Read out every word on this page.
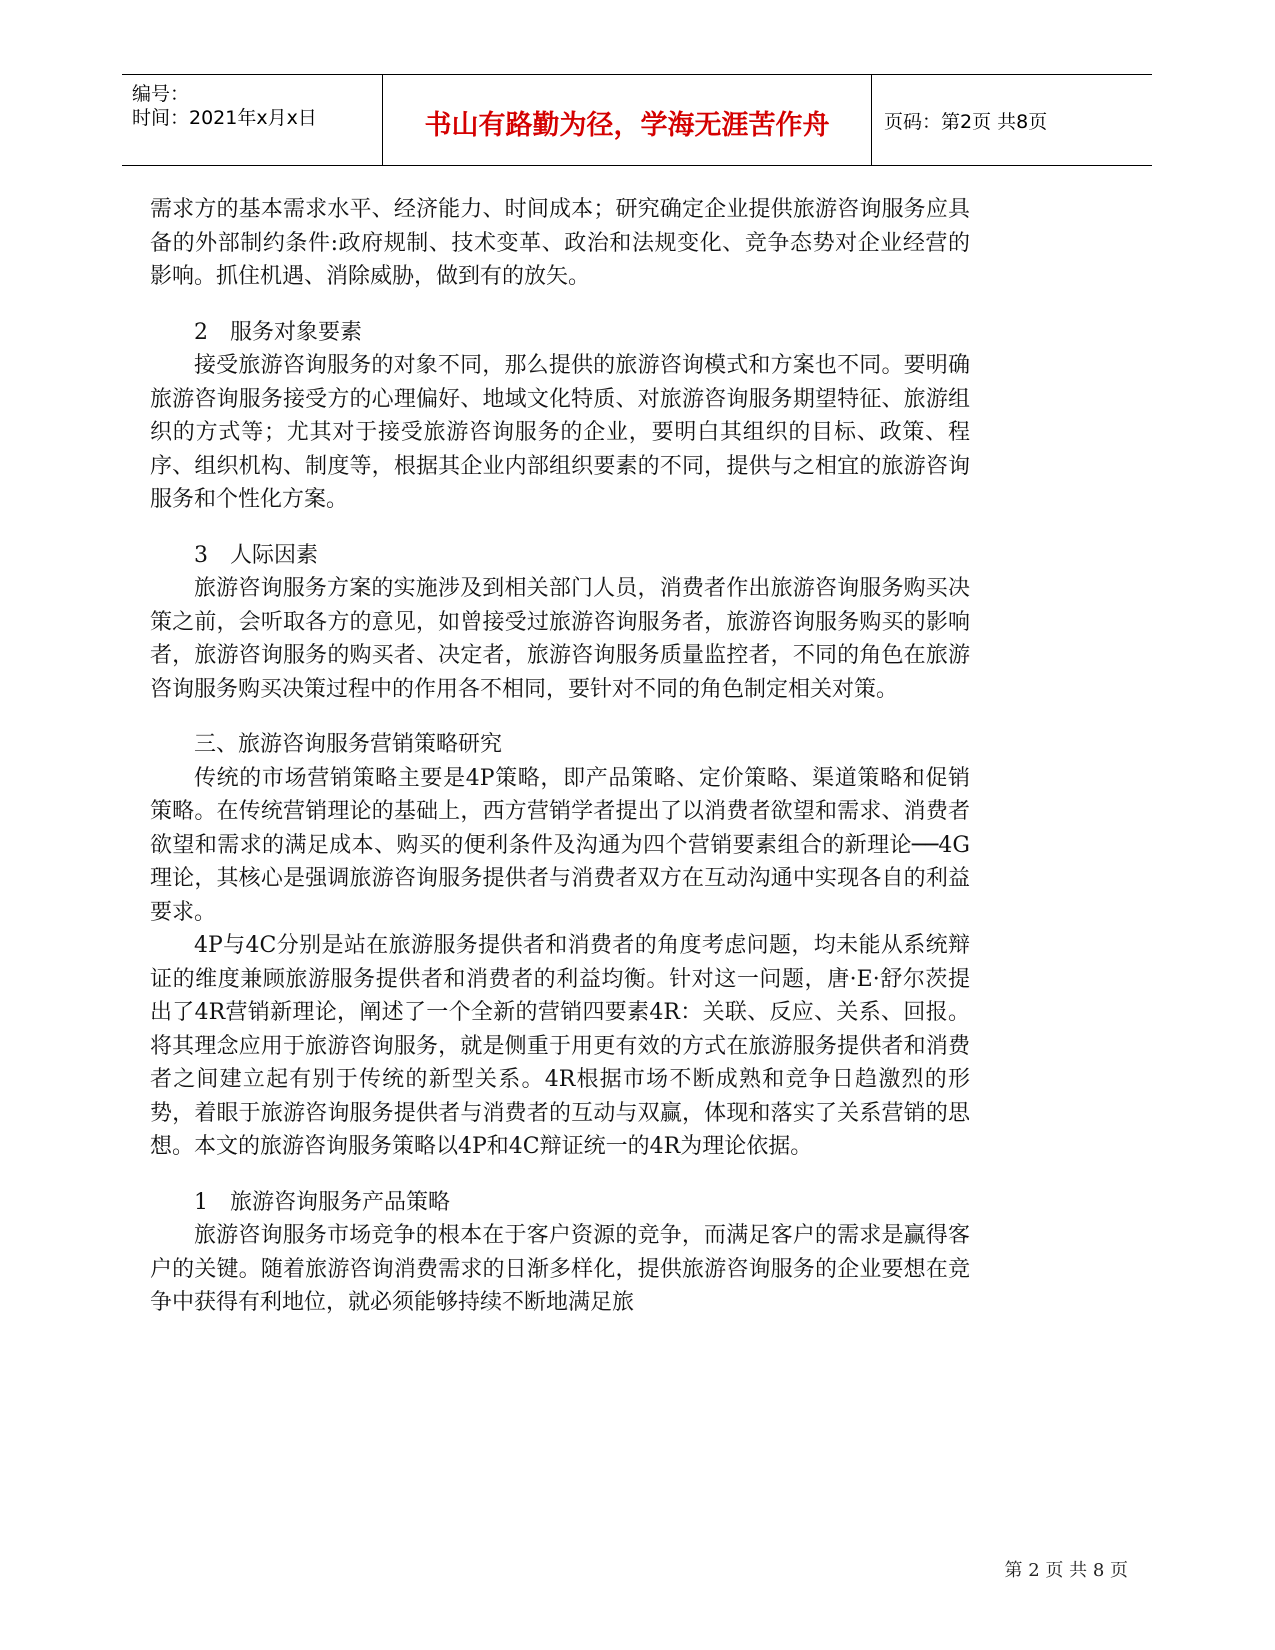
编号：
时间：2021年x月x日	书山有路勤为径，学海无涯苦作舟	页码：第2页 共8页

需求方的基本需求水平、经济能力、时间成本；研究确定企业提供旅游咨询服务应具备的外部制约条件:政府规制、技术变革、政治和法规变化、竞争态势对企业经营的影响。抓住机遇、消除威胁，做到有的放矢。

2　服务对象要素

接受旅游咨询服务的对象不同，那么提供的旅游咨询模式和方案也不同。要明确旅游咨询服务接受方的心理偏好、地域文化特质、对旅游咨询服务期望特征、旅游组织的方式等；尤其对于接受旅游咨询服务的企业，要明白其组织的目标、政策、程序、组织机构、制度等，根据其企业内部组织要素的不同，提供与之相宜的旅游咨询服务和个性化方案。

3　人际因素

旅游咨询服务方案的实施涉及到相关部门人员，消费者作出旅游咨询服务购买决策之前，会听取各方的意见，如曾接受过旅游咨询服务者，旅游咨询服务购买的影响者，旅游咨询服务的购买者、决定者，旅游咨询服务质量监控者，不同的角色在旅游咨询服务购买决策过程中的作用各不相同，要针对不同的角色制定相关对策。

三、旅游咨询服务营销策略研究

传统的市场营销策略主要是4P策略，即产品策略、定价策略、渠道策略和促销策略。在传统营销理论的基础上，西方营销学者提出了以消费者欲望和需求、消费者欲望和需求的满足成本、购买的便利条件及沟通为四个营销要素组合的新理论──4G理论，其核心是强调旅游咨询服务提供者与消费者双方在互动沟通中实现各自的利益要求。

4P与4C分别是站在旅游服务提供者和消费者的角度考虑问题，均未能从系统辩证的维度兼顾旅游服务提供者和消费者的利益均衡。针对这一问题，唐·E·舒尔茨提出了4R营销新理论，阐述了一个全新的营销四要素4R：关联、反应、关系、回报。将其理念应用于旅游咨询服务，就是侧重于用更有效的方式在旅游服务提供者和消费者之间建立起有别于传统的新型关系。4R根据市场不断成熟和竞争日趋激烈的形势，着眼于旅游咨询服务提供者与消费者的互动与双赢，体现和落实了关系营销的思想。本文的旅游咨询服务策略以4P和4C辩证统一的4R为理论依据。

1　旅游咨询服务产品策略

旅游咨询服务市场竞争的根本在于客户资源的竞争，而满足客户的需求是赢得客户的关键。随着旅游咨询消费需求的日渐多样化，提供旅游咨询服务的企业要想在竞争中获得有利地位，就必须能够持续不断地满足旅

第 2 页 共 8 页
